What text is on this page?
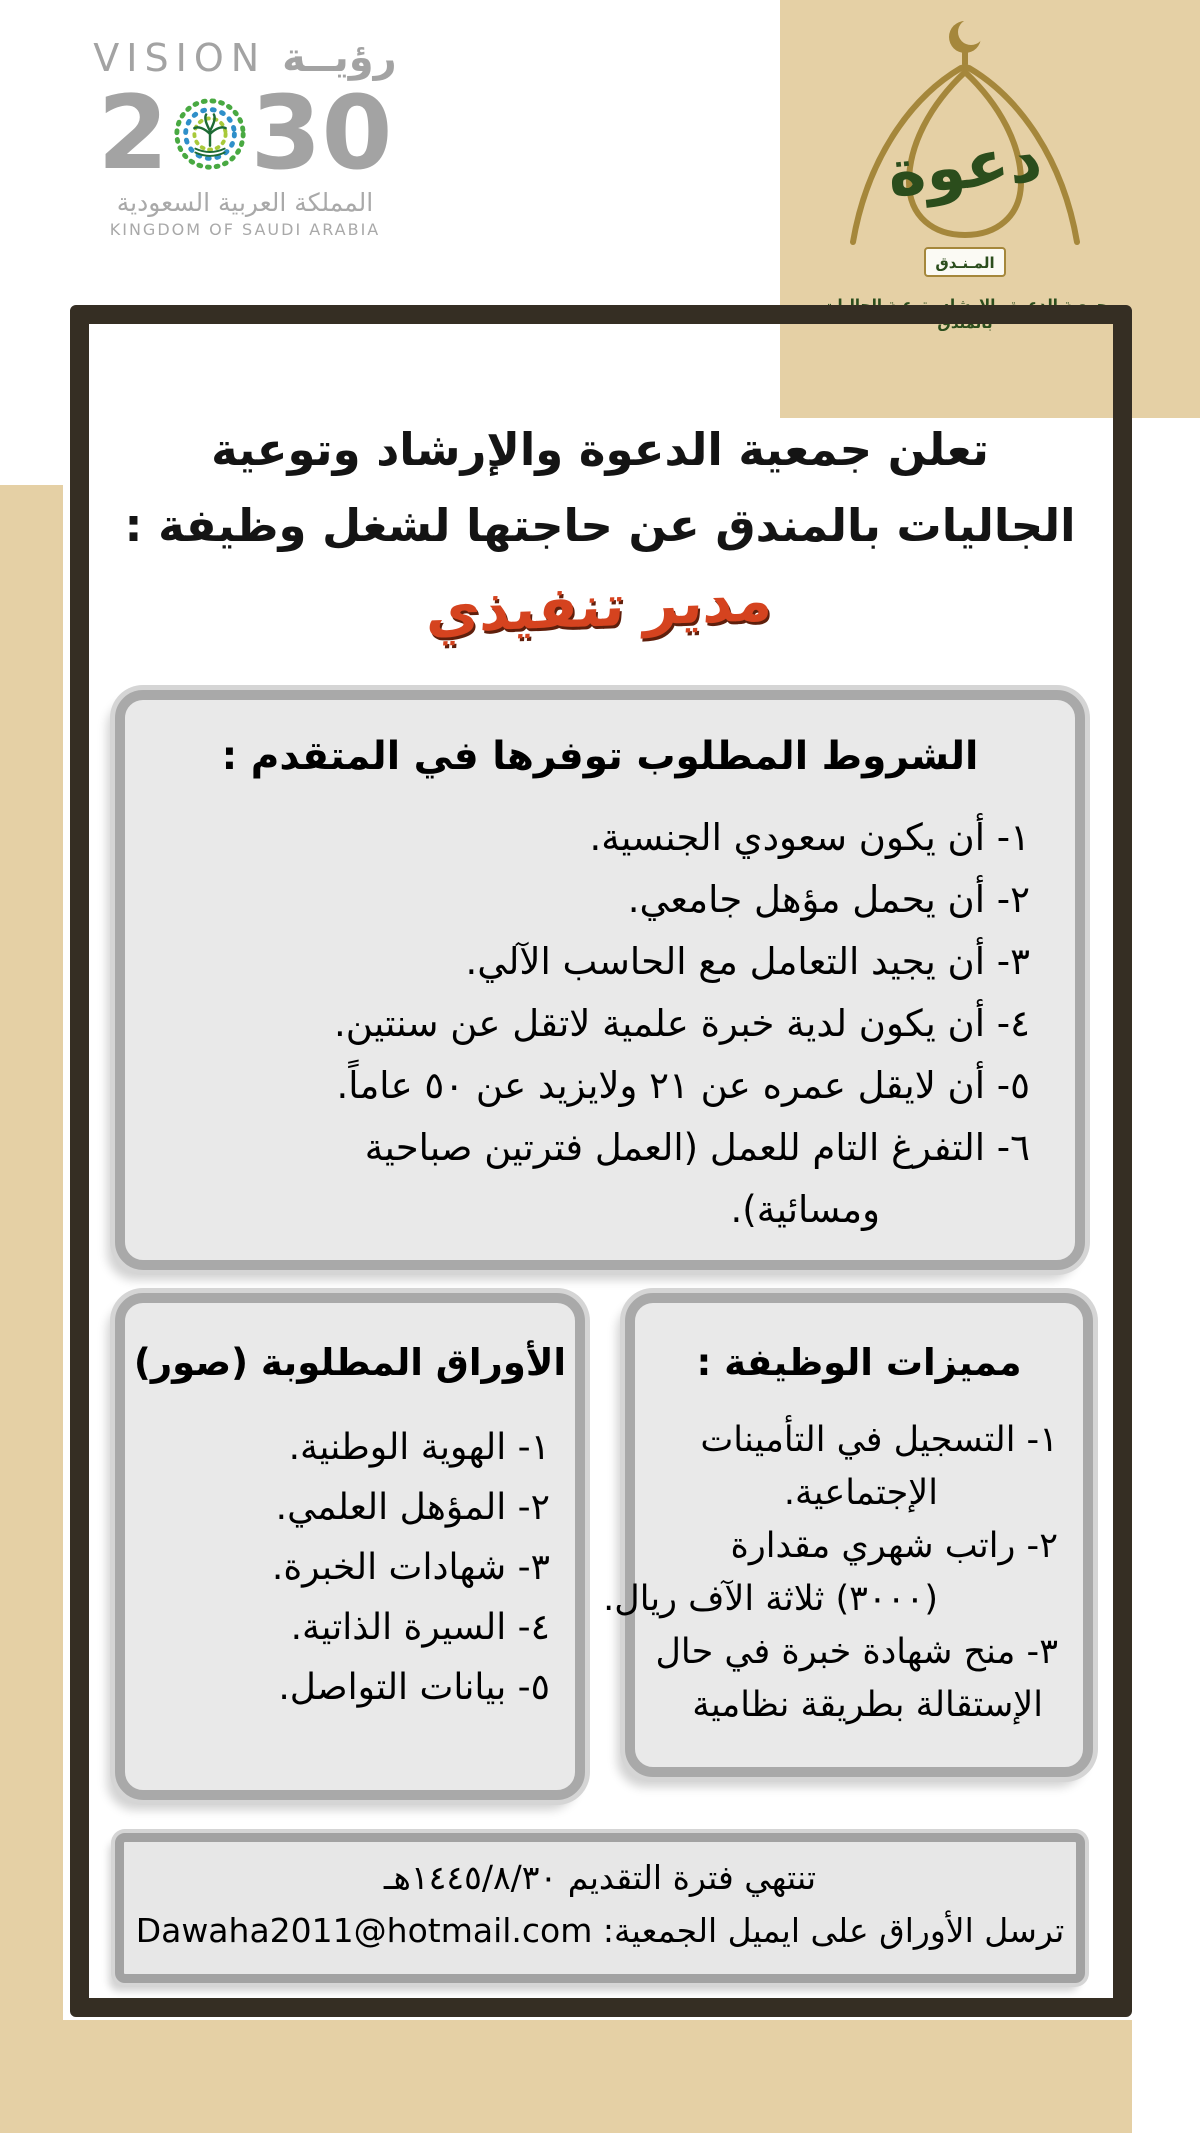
VISION رؤيــة
2 30
المملكة العربية السعودية
KINGDOM OF SAUDI ARABIA
دعوة
المـنـدق
جمعية الدعوة والإرشاد وتوعية الجاليات بالمندق
تعلن جمعية الدعوة والإرشاد وتوعية
الجاليات بالمندق عن حاجتها لشغل وظيفة :
مدير تنفيذي
الشروط المطلوب توفرها في المتقدم :
١- أن يكون سعودي الجنسية.
٢- أن يحمل مؤهل جامعي.
٣- أن يجيد التعامل مع الحاسب الآلي.
٤- أن يكون لدية خبرة علمية لاتقل عن سنتين.
٥- أن لايقل عمره عن ٢١ ولايزيد عن ٥٠ عاماً.
٦- التفرغ التام للعمل (العمل فترتين صباحية
ومسائية).
الأوراق المطلوبة (صور)
١- الهوية الوطنية.
٢- المؤهل العلمي.
٣- شهادات الخبرة.
٤- السيرة الذاتية.
٥- بيانات التواصل.
مميزات الوظيفة :
١- التسجيل في التأمينات
الإجتماعية.
٢- راتب شهري مقدارة
(٣٠٠٠) ثلاثة الآف ريال.
٣- منح شهادة خبرة في حال
الإستقالة بطريقة نظامية
تنتهي فترة التقديم ١٤٤٥/٨/٣٠هـ
ترسل الأوراق على ايميل الجمعية: Dawaha2011@hotmail.com
